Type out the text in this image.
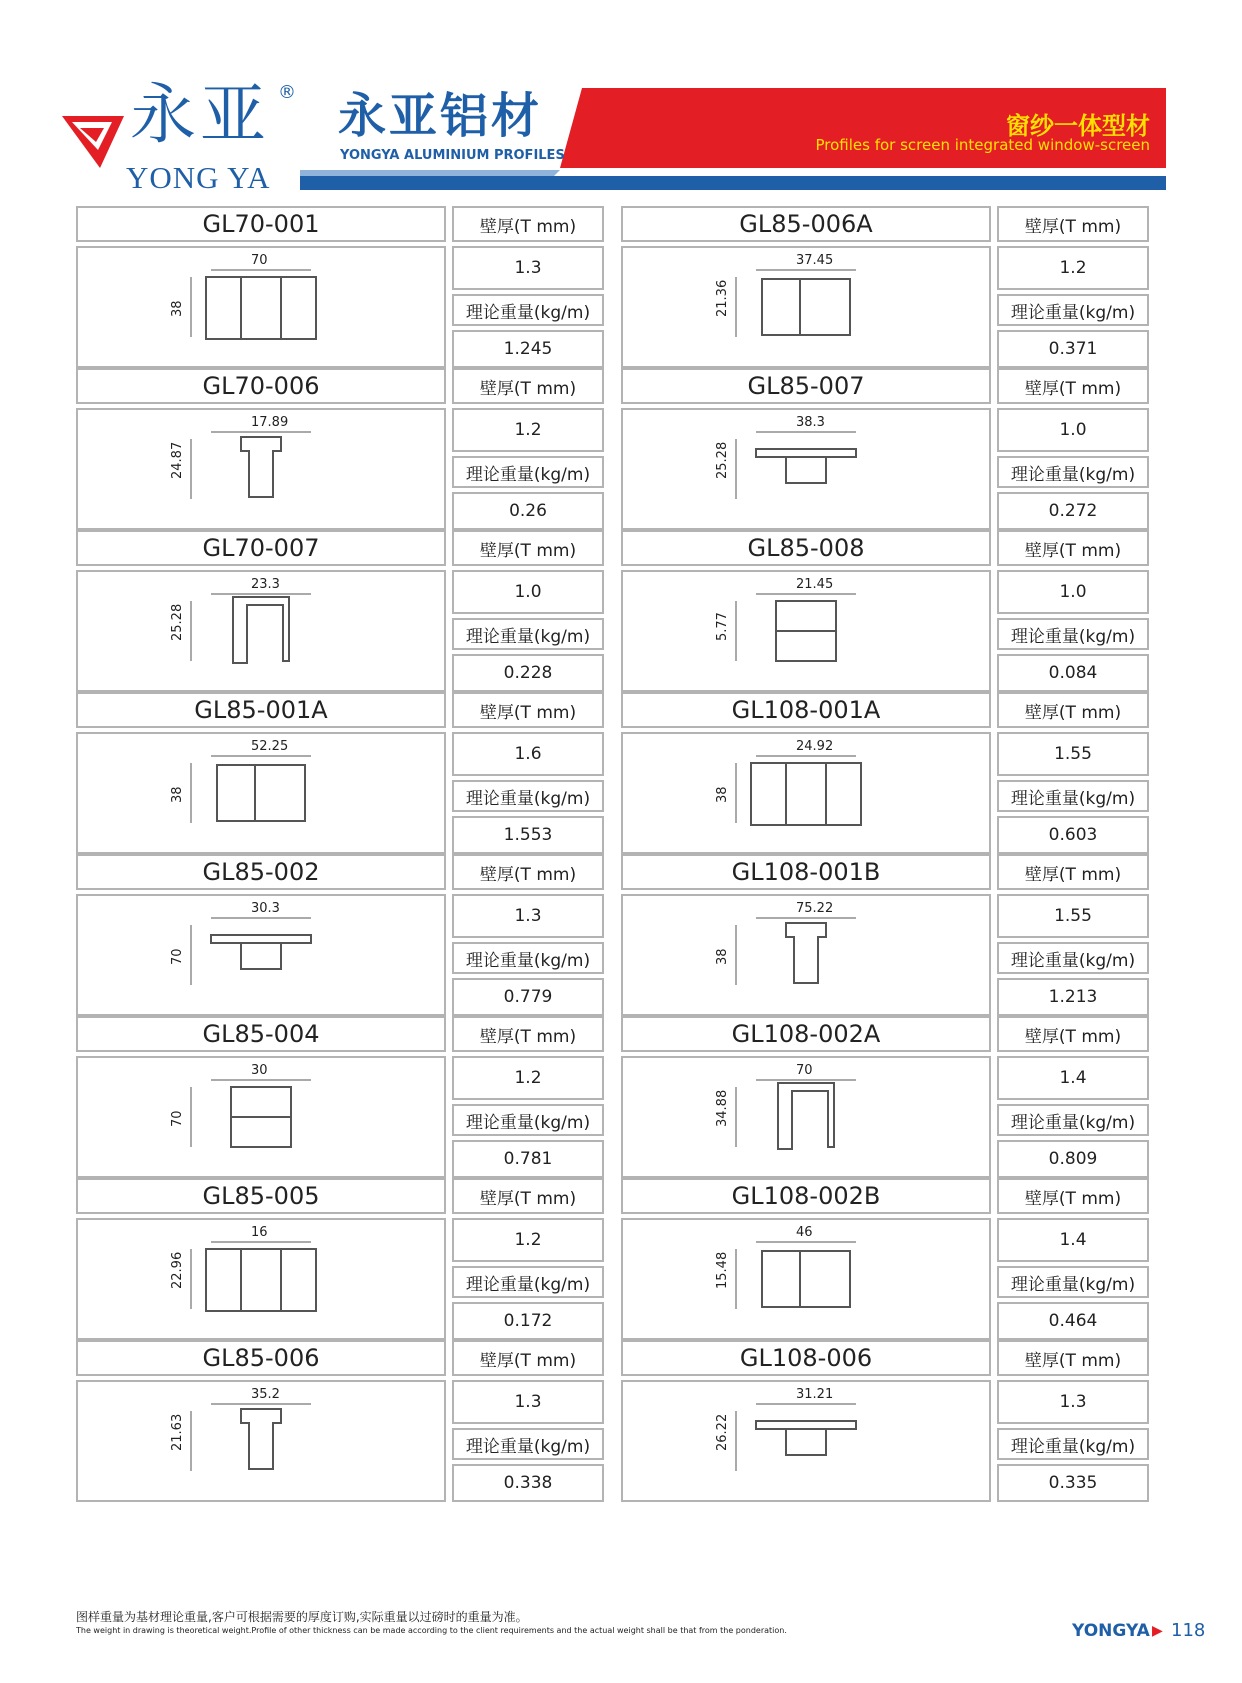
永亚 ®
YONG YA
永亚铝材
YONGYA ALUMINIUM PROFILES
窗纱一体型材
Profiles for screen integrated window-screen
GL70-001	壁厚(T mm)
70
38
1.3
理论重量(kg/m)
1.245
GL70-006	壁厚(T mm)
17.89
24.87
1.2
理论重量(kg/m)
0.26
GL70-007	壁厚(T mm)
23.3
25.28
1.0
理论重量(kg/m)
0.228
GL85-001A	壁厚(T mm)
52.25
38
1.6
理论重量(kg/m)
1.553
GL85-002	壁厚(T mm)
30.3
70
1.3
理论重量(kg/m)
0.779
GL85-004	壁厚(T mm)
30
70
1.2
理论重量(kg/m)
0.781
GL85-005	壁厚(T mm)
16
22.96
1.2
理论重量(kg/m)
0.172
GL85-006	壁厚(T mm)
35.2
21.63
1.3
理论重量(kg/m)
0.338
GL85-006A	壁厚(T mm)
37.45
21.36
1.2
理论重量(kg/m)
0.371
GL85-007	壁厚(T mm)
38.3
25.28
1.0
理论重量(kg/m)
0.272
GL85-008	壁厚(T mm)
21.45
5.77
1.0
理论重量(kg/m)
0.084
GL108-001A	壁厚(T mm)
24.92
38
1.55
理论重量(kg/m)
0.603
GL108-001B	壁厚(T mm)
75.22
38
1.55
理论重量(kg/m)
1.213
GL108-002A	壁厚(T mm)
70
34.88
1.4
理论重量(kg/m)
0.809
GL108-002B	壁厚(T mm)
46
15.48
1.4
理论重量(kg/m)
0.464
GL108-006	壁厚(T mm)
31.21
26.22
1.3
理论重量(kg/m)
0.335
图样重量为基材理论重量,客户可根据需要的厚度订购,实际重量以过磅时的重量为准。
The weight in drawing is theoretical weight.Profile of other thickness can be made according to the client requirements and the actual weight shall be that from the ponderation.	YONGYA ▶ 118
